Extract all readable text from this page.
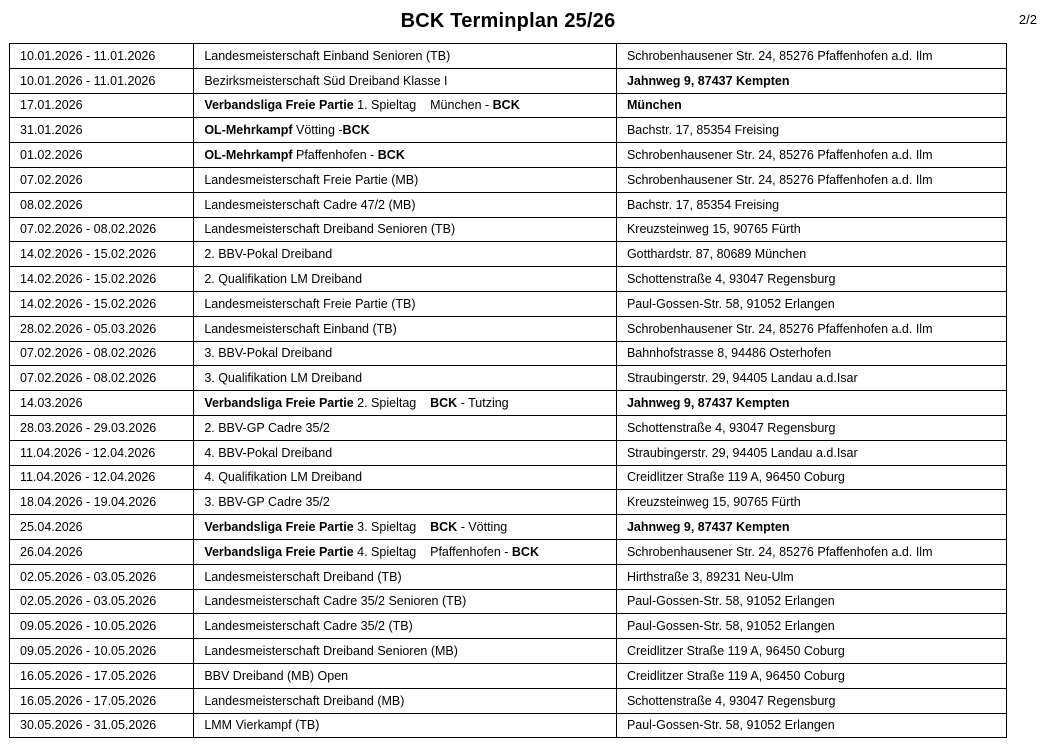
BCK Terminplan 25/26	2/2
10.01.2026 - 11.01.2026	Landesmeisterschaft Einband Senioren (TB)	Schrobenhausener Str. 24, 85276 Pfaffenhofen a.d. Ilm
10.01.2026 - 11.01.2026	Bezirksmeisterschaft Süd Dreiband Klasse I	Jahnweg 9, 87437 Kempten
17.01.2026	Verbandsliga Freie Partie 1. Spieltag    München - BCK	München
31.01.2026	OL-Mehrkampf Vötting -BCK	Bachstr. 17, 85354 Freising
01.02.2026	OL-Mehrkampf Pfaffenhofen - BCK	Schrobenhausener Str. 24, 85276 Pfaffenhofen a.d. Ilm
07.02.2026	Landesmeisterschaft Freie Partie (MB)	Schrobenhausener Str. 24, 85276 Pfaffenhofen a.d. Ilm
08.02.2026	Landesmeisterschaft Cadre 47/2 (MB)	Bachstr. 17, 85354 Freising
07.02.2026 - 08.02.2026	Landesmeisterschaft Dreiband Senioren (TB)	Kreuzsteinweg 15, 90765 Fürth
14.02.2026 - 15.02.2026	2. BBV-Pokal Dreiband	Gotthardstr. 87, 80689 München
14.02.2026 - 15.02.2026	2. Qualifikation LM Dreiband	Schottenstraße 4, 93047 Regensburg
14.02.2026 - 15.02.2026	Landesmeisterschaft Freie Partie (TB)	Paul-Gossen-Str. 58, 91052 Erlangen
28.02.2026 - 05.03.2026	Landesmeisterschaft Einband (TB)	Schrobenhausener Str. 24, 85276 Pfaffenhofen a.d. Ilm
07.02.2026 - 08.02.2026	3. BBV-Pokal Dreiband	Bahnhofstrasse 8, 94486 Osterhofen
07.02.2026 - 08.02.2026	3. Qualifikation LM Dreiband	Straubingerstr. 29, 94405 Landau a.d.Isar
14.03.2026	Verbandsliga Freie Partie 2. Spieltag    BCK - Tutzing	Jahnweg 9, 87437 Kempten
28.03.2026 - 29.03.2026	2. BBV-GP Cadre 35/2	Schottenstraße 4, 93047 Regensburg
11.04.2026 - 12.04.2026	4. BBV-Pokal Dreiband	Straubingerstr. 29, 94405 Landau a.d.Isar
11.04.2026 - 12.04.2026	4. Qualifikation LM Dreiband	Creidlitzer Straße 119 A, 96450 Coburg
18.04.2026 - 19.04.2026	3. BBV-GP Cadre 35/2	Kreuzsteinweg 15, 90765 Fürth
25.04.2026	Verbandsliga Freie Partie 3. Spieltag    BCK - Vötting	Jahnweg 9, 87437 Kempten
26.04.2026	Verbandsliga Freie Partie 4. Spieltag    Pfaffenhofen - BCK	Schrobenhausener Str. 24, 85276 Pfaffenhofen a.d. Ilm
02.05.2026 - 03.05.2026	Landesmeisterschaft Dreiband (TB)	Hirthstraße 3, 89231 Neu-Ulm
02.05.2026 - 03.05.2026	Landesmeisterschaft Cadre 35/2 Senioren (TB)	Paul-Gossen-Str. 58, 91052 Erlangen
09.05.2026 - 10.05.2026	Landesmeisterschaft Cadre 35/2 (TB)	Paul-Gossen-Str. 58, 91052 Erlangen
09.05.2026 - 10.05.2026	Landesmeisterschaft Dreiband Senioren (MB)	Creidlitzer Straße 119 A, 96450 Coburg
16.05.2026 - 17.05.2026	BBV Dreiband (MB) Open	Creidlitzer Straße 119 A, 96450 Coburg
16.05.2026 - 17.05.2026	Landesmeisterschaft Dreiband (MB)	Schottenstraße 4, 93047 Regensburg
30.05.2026 - 31.05.2026	LMM Vierkampf (TB)	Paul-Gossen-Str. 58, 91052 Erlangen
